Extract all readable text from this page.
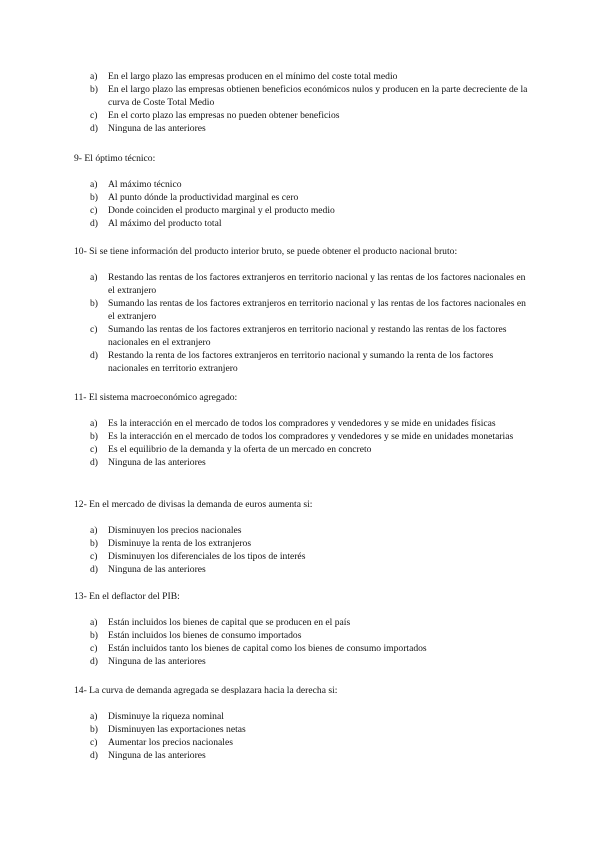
a)	En el largo plazo las empresas producen en el mínimo del coste total medio
b)	En el largo plazo las empresas obtienen beneficios económicos nulos y producen en la parte decreciente de la curva de Coste Total Medio
c)	En el corto plazo las empresas no pueden obtener beneficios
d)	Ninguna de las anteriores

9- El óptimo técnico:

a)	Al máximo técnico
b)	Al punto dónde la productividad marginal es cero
c)	Donde coinciden el producto marginal y el producto medio
d)	Al máximo del producto total

10- Si se tiene información del producto interior bruto, se puede obtener el producto nacional bruto:

a)	Restando las rentas de los factores extranjeros en territorio nacional y las rentas de los factores nacionales en el extranjero
b)	Sumando las rentas de los factores extranjeros en territorio nacional y las rentas de los factores nacionales en el extranjero
c)	Sumando las rentas de los factores extranjeros en territorio nacional y restando las rentas de los factores nacionales en el extranjero
d)	Restando la renta de los factores extranjeros en territorio nacional y sumando la renta de los factores nacionales en territorio extranjero

11- El sistema macroeconómico agregado:

a)	Es la interacción en el mercado de todos los compradores y vendedores y se mide en unidades físicas
b)	Es la interacción en el mercado de todos los compradores y vendedores y se mide en unidades monetarias
c)	Es el equilibrio de la demanda y la oferta de un mercado en concreto
d)	Ninguna de las anteriores

12- En el mercado de divisas la demanda de euros aumenta si:

a)	Disminuyen los precios nacionales
b)	Disminuye la renta de los extranjeros
c)	Disminuyen los diferenciales de los tipos de interés
d)	Ninguna de las anteriores

13- En el deflactor del PIB:

a)	Están incluidos los bienes de capital que se producen en el país
b)	Están incluidos los bienes de consumo importados
c)	Están incluidos tanto los bienes de capital como los bienes de consumo importados
d)	Ninguna de las anteriores

14- La curva de demanda agregada se desplazara hacia la derecha si:

a)	Disminuye la riqueza nominal
b)	Disminuyen las exportaciones netas
c)	Aumentar los precios nacionales
d)	Ninguna de las anteriores
